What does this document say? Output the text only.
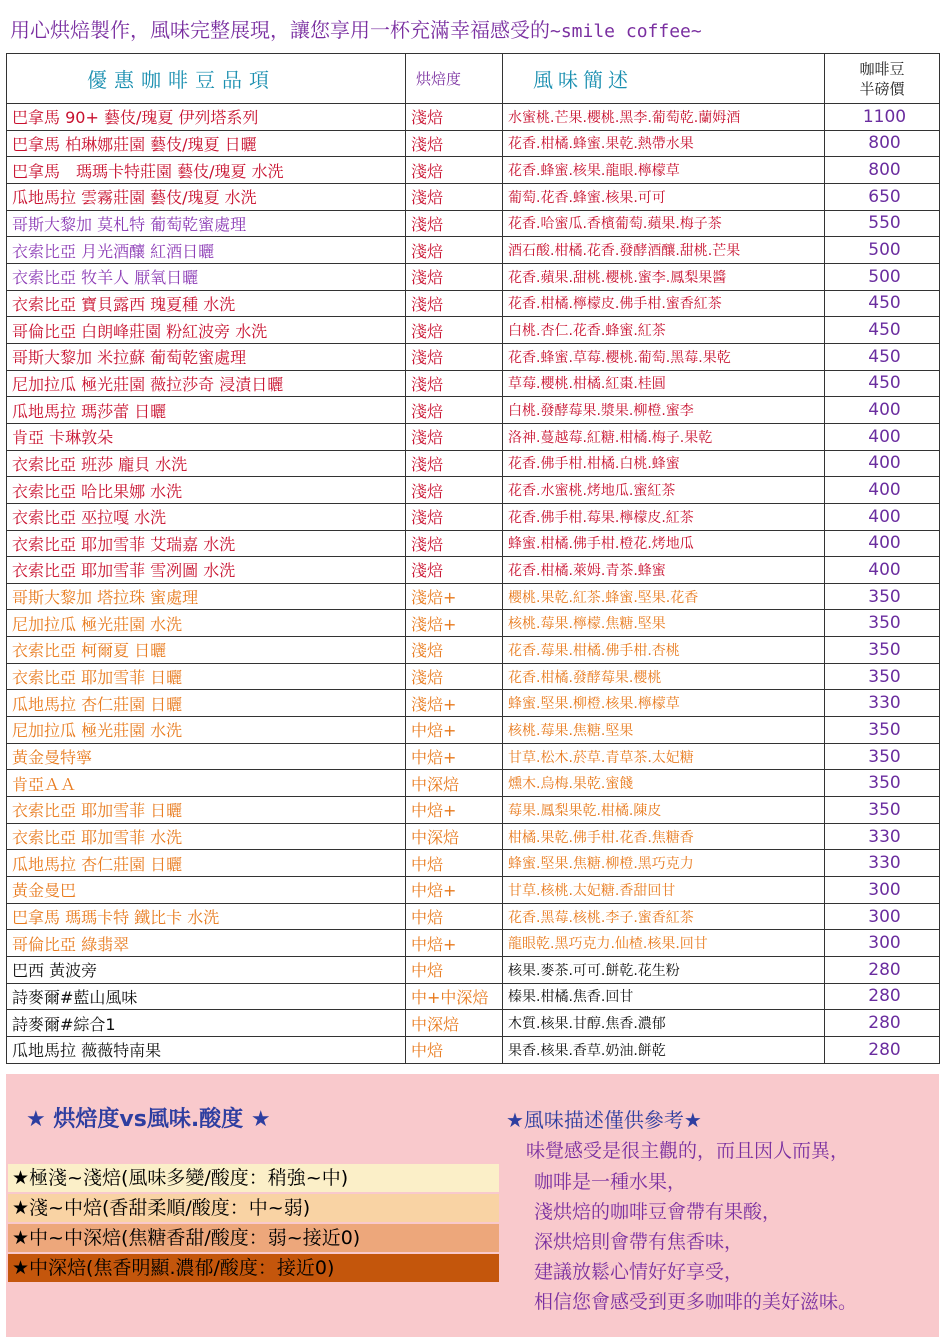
用心烘焙製作，風味完整展現，讓您享用一杯充滿幸福感受的~smile coffee~
優惠咖啡豆品項	烘焙度	風味簡述	咖啡豆
半磅價
巴拿馬 90+ 藝伎/瑰夏 伊列塔系列	淺焙	水蜜桃.芒果.櫻桃.黑李.葡萄乾.蘭姆酒	1100
巴拿馬 柏琳娜莊園 藝伎/瑰夏 日曬	淺焙	花香.柑橘.蜂蜜.果乾.熱帶水果	800
巴拿馬　瑪瑪卡特莊園 藝伎/瑰夏 水洗	淺焙	花香.蜂蜜.核果.龍眼.檸檬草	800
瓜地馬拉 雲霧莊園 藝伎/瑰夏 水洗	淺焙	葡萄.花香.蜂蜜.核果.可可	650
哥斯大黎加 莫札特 葡萄乾蜜處理	淺焙	花香.哈蜜瓜.香檳葡萄.蘋果.梅子茶	550
衣索比亞 月光酒釀 紅酒日曬	淺焙	酒石酸.柑橘.花香.發酵酒釀.甜桃.芒果	500
衣索比亞 牧羊人 厭氧日曬	淺焙	花香.蘋果.甜桃.櫻桃.蜜李.鳳梨果醬	500
衣索比亞 寶貝露西 瑰夏種 水洗	淺焙	花香.柑橘.檸檬皮.佛手柑.蜜香紅茶	450
哥倫比亞 白朗峰莊園 粉紅波旁 水洗	淺焙	白桃.杏仁.花香.蜂蜜.紅茶	450
哥斯大黎加 米拉蘇 葡萄乾蜜處理	淺焙	花香.蜂蜜.草莓.櫻桃.葡萄.黑莓.果乾	450
尼加拉瓜 極光莊園 薇拉莎奇 浸漬日曬	淺焙	草莓.櫻桃.柑橘.紅棗.桂圓	450
瓜地馬拉 瑪莎蕾 日曬	淺焙	白桃.發酵莓果.漿果.柳橙.蜜李	400
肯亞 卡琳敦朵	淺焙	洛神.蔓越莓.紅糖.柑橘.梅子.果乾	400
衣索比亞 班莎 龐貝 水洗	淺焙	花香.佛手柑.柑橘.白桃.蜂蜜	400
衣索比亞 哈比果娜 水洗	淺焙	花香.水蜜桃.烤地瓜.蜜紅茶	400
衣索比亞 巫拉嘎 水洗	淺焙	花香.佛手柑.莓果.檸檬皮.紅茶	400
衣索比亞 耶加雪菲 艾瑞嘉 水洗	淺焙	蜂蜜.柑橘.佛手柑.橙花.烤地瓜	400
衣索比亞 耶加雪菲 雪冽圖 水洗	淺焙	花香.柑橘.萊姆.青茶.蜂蜜	400
哥斯大黎加 塔拉珠 蜜處理	淺焙+	櫻桃.果乾.紅茶.蜂蜜.堅果.花香	350
尼加拉瓜 極光莊園 水洗	淺焙+	核桃.莓果.檸檬.焦糖.堅果	350
衣索比亞 柯爾夏 日曬	淺焙	花香.莓果.柑橘.佛手柑.杏桃	350
衣索比亞 耶加雪菲 日曬	淺焙	花香.柑橘.發酵莓果.櫻桃	350
瓜地馬拉 杏仁莊園 日曬	淺焙+	蜂蜜.堅果.柳橙.核果.檸檬草	330
尼加拉瓜 極光莊園 水洗	中焙+	核桃.莓果.焦糖.堅果	350
黃金曼特寧	中焙+	甘草.松木.菸草.青草茶.太妃糖	350
肯亞ＡＡ	中深焙	燻木.烏梅.果乾.蜜餞	350
衣索比亞 耶加雪菲 日曬	中焙+	莓果.鳳梨果乾.柑橘.陳皮	350
衣索比亞 耶加雪菲 水洗	中深焙	柑橘.果乾.佛手柑.花香.焦糖香	330
瓜地馬拉 杏仁莊園 日曬	中焙	蜂蜜.堅果.焦糖.柳橙.黑巧克力	330
黃金曼巴	中焙+	甘草.核桃.太妃糖.香甜回甘	300
巴拿馬 瑪瑪卡特 鐵比卡 水洗	中焙	花香.黑莓.核桃.李子.蜜香紅茶	300
哥倫比亞 綠翡翠	中焙+	龍眼乾.黑巧克力.仙楂.核果.回甘	300
巴西 黃波旁	中焙	核果.麥茶.可可.餅乾.花生粉	280
詩麥爾#藍山風味	中+中深焙	榛果.柑橘.焦香.回甘	280
詩麥爾#綜合1	中深焙	木質.核果.甘醇.焦香.濃郁	280
瓜地馬拉 薇薇特南果	中焙	果香.核果.香草.奶油.餅乾	280
★ 烘焙度vs風味.酸度 ★
★極淺~淺焙(風味多變/酸度：稍強~中)
★淺~中焙(香甜柔順/酸度：中~弱)
★中~中深焙(焦糖香甜/酸度：弱~接近0)
★中深焙(焦香明顯.濃郁/酸度：接近0)
★風味描述僅供參考★
味覺感受是很主觀的，而且因人而異，
咖啡是一種水果，
淺烘焙的咖啡豆會帶有果酸，
深烘焙則會帶有焦香味，
建議放鬆心情好好享受，
相信您會感受到更多咖啡的美好滋味。
